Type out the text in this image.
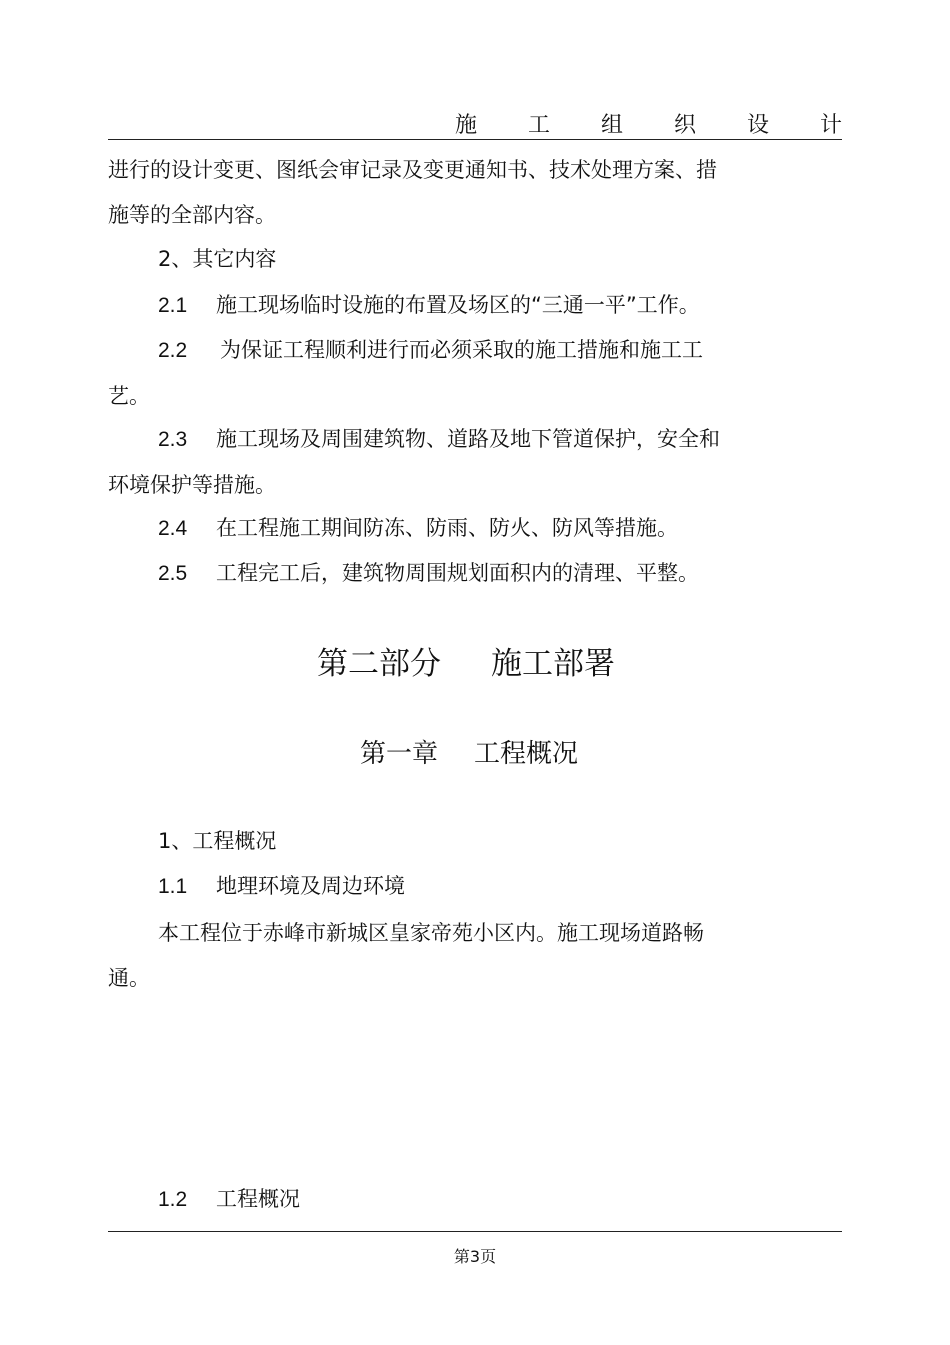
施 工 组 织 设 计
进行的设计变更、图纸会审记录及变更通知书、技术处理方案、措
施等的全部内容。
2、其它内容
2.1 施工现场临时设施的布置及场区的“三通一平”工作。
2.2 为保证工程顺利进行而必须采取的施工措施和施工工
艺。
2.3 施工现场及周围建筑物、道路及地下管道保护，安全和
环境保护等措施。
2.4 在工程施工期间防冻、防雨、防火、防风等措施。
2.5 工程完工后，建筑物周围规划面积内的清理、平整。
第二部分 施工部署
第一章 工程概况
1、工程概况
1.1 地理环境及周边环境
本工程位于赤峰市新城区皇家帝苑小区内。施工现场道路畅
通。
1.2 工程概况
第3页
